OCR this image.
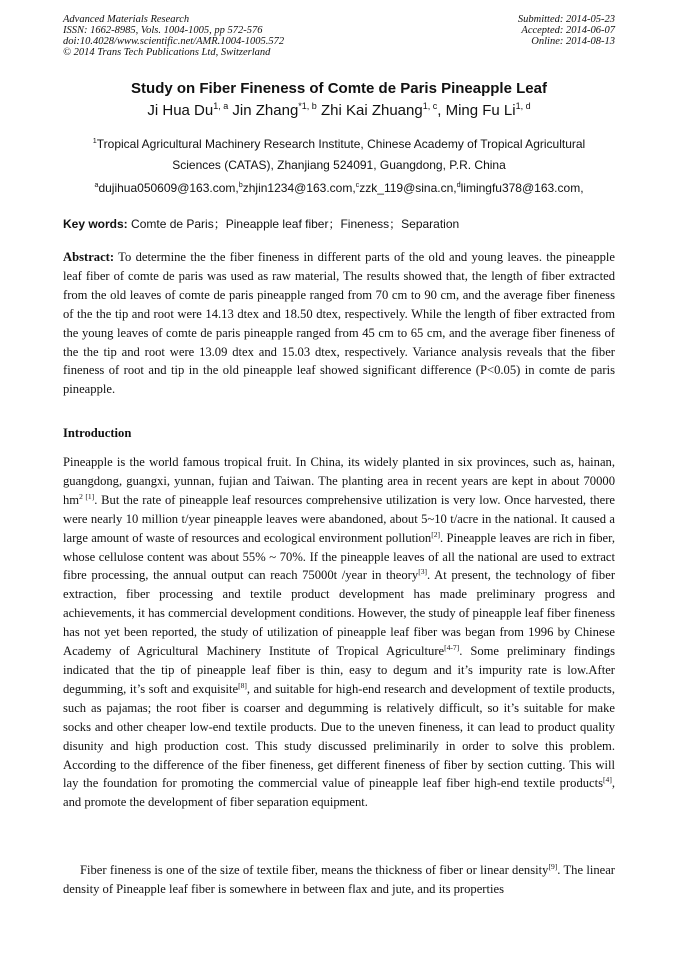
Advanced Materials Research
ISSN: 1662-8985, Vols. 1004-1005, pp 572-576
doi:10.4028/www.scientific.net/AMR.1004-1005.572
© 2014 Trans Tech Publications Ltd, Switzerland
Submitted: 2014-05-23
Accepted: 2014-06-07
Online: 2014-08-13
Study on Fiber Fineness of Comte de Paris Pineapple Leaf
Ji Hua Du$^{1, a}$ Jin Zhang$^{*1, b}$ Zhi Kai Zhuang$^{1, c}$, Ming Fu Li$^{1, d}$
$^1$Tropical Agricultural Machinery Research Institute, Chinese Academy of Tropical Agricultural
Sciences (CATAS), Zhanjiang 524091, Guangdong, P.R. China
$^a$dujihua050609@163.com,$^b$zhjin1234@163.com,$^c$zzk_119@sina.cn,$^d$limingfu378@163.com,
Key words: Comte de Paris；Pineapple leaf fiber；Fineness；Separation
Abstract: To determine the the fiber fineness in different parts of the old and young leaves. the pineapple leaf fiber of comte de paris was used as raw material, The results showed that, the length of fiber extracted from the old leaves of comte de paris pineapple ranged from 70 cm to 90 cm, and the average fiber fineness of the the tip and root were 14.13 dtex and 18.50 dtex, respectively. While the length of fiber extracted from the young leaves of comte de paris pineapple ranged from 45 cm to 65 cm, and the average fiber fineness of the the tip and root were 13.09 dtex and 15.03 dtex, respectively. Variance analysis reveals that the fiber fineness of root and tip in the old pineapple leaf showed significant difference (P<0.05) in comte de paris pineapple.
Introduction
Pineapple is the world famous tropical fruit. In China, its widely planted in six provinces, such as, hainan, guangdong, guangxi, yunnan, fujian and Taiwan. The planting area in recent years are kept in about 70000 $hm^{2 [1]}$. But the rate of pineapple leaf resources comprehensive utilization is very low. Once harvested, there were nearly 10 million t/year pineapple leaves were abandoned, about 5~10 t/acre in the national. It caused a large amount of waste of resources and ecological environment pollution[2]. Pineapple leaves are rich in fiber, whose cellulose content was about 55% ~ 70%. If the pineapple leaves of all the national are used to extract fibre processing, the annual output can reach 75000t /year in theory[3]. At present, the technology of fiber extraction, fiber processing and textile product development has made preliminary progress and achievements, it has commercial development conditions. However, the study of pineapple leaf fiber fineness has not yet been reported, the study of utilization of pineapple leaf fiber was began from 1996 by Chinese Academy of Agricultural Machinery Institute of Tropical Agriculture[4-7]. Some preliminary findings indicated that the tip of pineapple leaf fiber is thin, easy to degum and it’s impurity rate is low.After degumming, it’s soft and exquisite[8], and suitable for high-end research and development of textile products, such as pajamas; the root fiber is coarser and degumming is relatively difficult, so it’s suitable for make socks and other cheaper low-end textile products. Due to the uneven fineness, it can lead to product quality disunity and high production cost. This study discussed preliminarily in order to solve this problem. According to the difference of the fiber fineness, get different fineness of fiber by section cutting. This will lay the foundation for promoting the commercial value of pineapple leaf fiber high-end textile products[4], and promote the development of fiber separation equipment.
Fiber fineness is one of the size of textile fiber, means the thickness of fiber or linear density[9]. The linear density of Pineapple leaf fiber is somewhere in between flax and jute, and its properties
